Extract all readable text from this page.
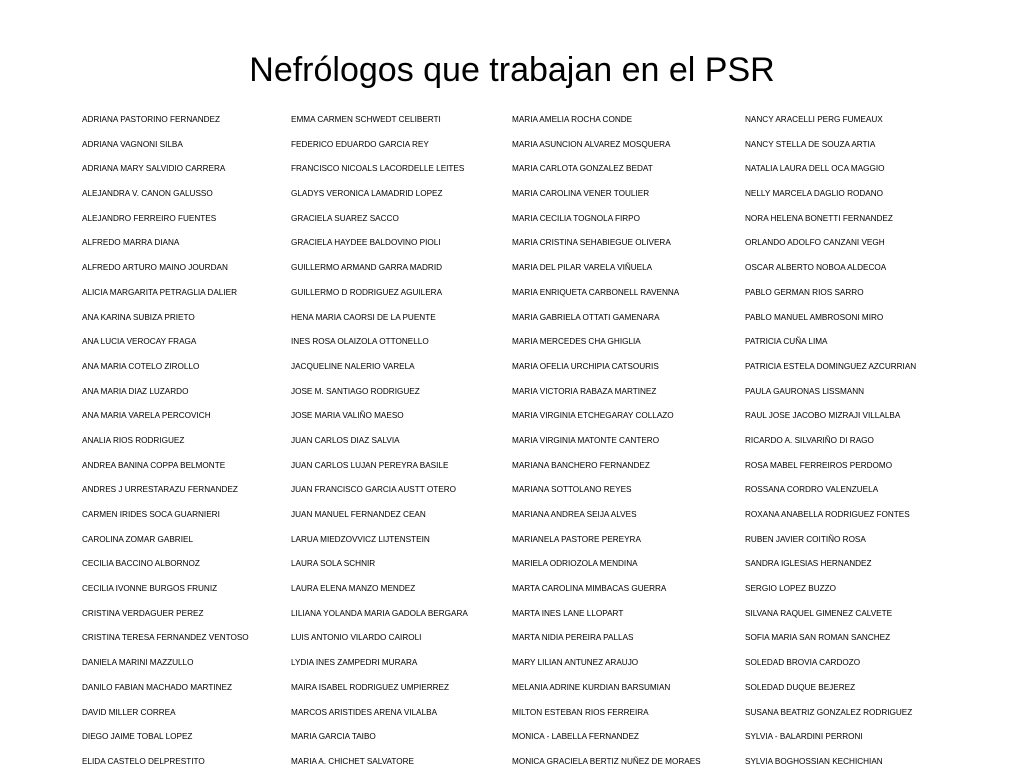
Nefrólogos que trabajan en el PSR
ADRIANA PASTORINO FERNANDEZ
ADRIANA VAGNONI SILBA
ADRIANA MARY SALVIDIO CARRERA
ALEJANDRA V. CANON GALUSSO
ALEJANDRO FERREIRO FUENTES
ALFREDO MARRA DIANA
ALFREDO ARTURO MAINO JOURDAN
ALICIA MARGARITA PETRAGLIA DALIER
ANA KARINA SUBIZA PRIETO
ANA LUCIA VEROCAY FRAGA
ANA MARIA COTELO ZIROLLO
ANA MARIA DIAZ LUZARDO
ANA MARIA VARELA PERCOVICH
ANALIA RIOS RODRIGUEZ
ANDREA BANINA COPPA BELMONTE
ANDRES J URRESTARAZU FERNANDEZ
CARMEN IRIDES SOCA GUARNIERI
CAROLINA ZOMAR GABRIEL
CECILIA BACCINO ALBORNOZ
CECILIA IVONNE BURGOS FRUNIZ
CRISTINA VERDAGUER PEREZ
CRISTINA TERESA FERNANDEZ VENTOSO
DANIELA MARINI MAZZULLO
DANILO FABIAN MACHADO MARTINEZ
DAVID MILLER CORREA
DIEGO JAIME TOBAL LOPEZ
ELIDA CASTELO DELPRESTITO
EMMA CARMEN SCHWEDT CELIBERTI
FEDERICO EDUARDO GARCIA REY
FRANCISCO NICOALS LACORDELLE LEITES
GLADYS VERONICA LAMADRID LOPEZ
GRACIELA SUAREZ SACCO
GRACIELA HAYDEE BALDOVINO PIOLI
GUILLERMO ARMAND GARRA MADRID
GUILLERMO D RODRIGUEZ AGUILERA
HENA MARIA CAORSI DE LA PUENTE
INES ROSA OLAIZOLA OTTONELLO
JACQUELINE NALERIO VARELA
JOSE M. SANTIAGO RODRIGUEZ
JOSE MARIA VALIÑO MAESO
JUAN CARLOS DIAZ SALVIA
JUAN CARLOS LUJAN PEREYRA BASILE
JUAN FRANCISCO GARCIA AUSTT OTERO
JUAN MANUEL FERNANDEZ CEAN
LARUA MIEDZOVVICZ LIJTENSTEIN
LAURA SOLA SCHNIR
LAURA ELENA MANZO MENDEZ
LILIANA YOLANDA MARIA GADOLA BERGARA
LUIS ANTONIO VILARDO CAIROLI
LYDIA INES ZAMPEDRI MURARA
MAIRA ISABEL RODRIGUEZ UMPIERREZ
MARCOS ARISTIDES ARENA VILALBA
MARIA GARCIA TAIBO
MARIA A. CHICHET SALVATORE
MARIA AMELIA ROCHA CONDE
MARIA ASUNCION ALVAREZ MOSQUERA
MARIA CARLOTA GONZALEZ BEDAT
MARIA CAROLINA VENER TOULIER
MARIA CECILIA TOGNOLA FIRPO
MARIA CRISTINA SEHABIEGUE OLIVERA
MARIA DEL PILAR VARELA VIÑUELA
MARIA ENRIQUETA CARBONELL RAVENNA
MARIA GABRIELA OTTATI GAMENARA
MARIA MERCEDES CHA GHIGLIA
MARIA OFELIA URCHIPIA CATSOURIS
MARIA VICTORIA RABAZA MARTINEZ
MARIA VIRGINIA ETCHEGARAY COLLAZO
MARIA VIRGINIA MATONTE CANTERO
MARIANA BANCHERO FERNANDEZ
MARIANA SOTTOLANO REYES
MARIANA ANDREA SEIJA ALVES
MARIANELA PASTORE PEREYRA
MARIELA ODRIOZOLA MENDINA
MARTA CAROLINA MIMBACAS GUERRA
MARTA INES LANE LLOPART
MARTA NIDIA PEREIRA PALLAS
MARY LILIAN ANTUNEZ ARAUJO
MELANIA ADRINE KURDIAN BARSUMIAN
MILTON ESTEBAN RIOS FERREIRA
MONICA - LABELLA FERNANDEZ
MONICA GRACIELA BERTIZ NUÑEZ DE MORAES
NANCY ARACELLI PERG FUMEAUX
NANCY STELLA DE SOUZA ARTIA
NATALIA LAURA DELL OCA MAGGIO
NELLY MARCELA DAGLIO RODANO
NORA HELENA BONETTI FERNANDEZ
ORLANDO ADOLFO CANZANI VEGH
OSCAR ALBERTO NOBOA ALDECOA
PABLO GERMAN RIOS SARRO
PABLO MANUEL AMBROSONI MIRO
PATRICIA CUÑA LIMA
PATRICIA ESTELA DOMINGUEZ AZCURRIAN
PAULA GAURONAS LISSMANN
RAUL JOSE JACOBO MIZRAJI VILLALBA
RICARDO A. SILVARIÑO DI RAGO
ROSA MABEL FERREIROS PERDOMO
ROSSANA CORDRO VALENZUELA
ROXANA ANABELLA RODRIGUEZ FONTES
RUBEN JAVIER COITIÑO ROSA
SANDRA IGLESIAS HERNANDEZ
SERGIO LOPEZ BUZZO
SILVANA RAQUEL GIMENEZ CALVETE
SOFIA MARIA SAN ROMAN SANCHEZ
SOLEDAD BROVIA CARDOZO
SOLEDAD DUQUE BEJEREZ
SUSANA BEATRIZ GONZALEZ RODRIGUEZ
SYLVIA - BALARDINI PERRONI
SYLVIA BOGHOSSIAN KECHICHIAN
